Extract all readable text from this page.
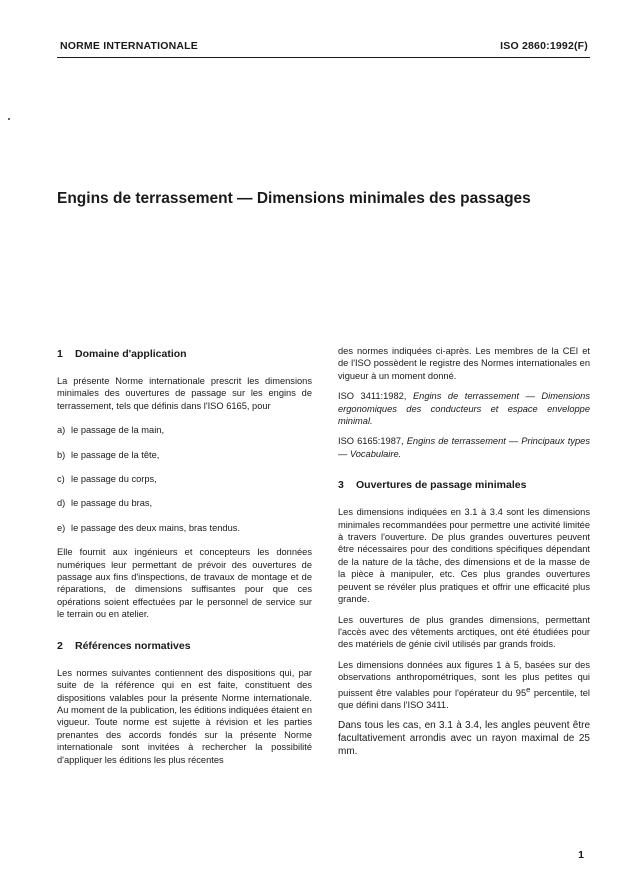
NORME INTERNATIONALE	ISO 2860:1992(F)
Engins de terrassement — Dimensions minimales des passages
1 Domaine d'application

La présente Norme internationale prescrit les dimensions minimales des ouvertures de passage sur les engins de terrassement, tels que définis dans l'ISO 6165, pour

a) le passage de la main,
b) le passage de la tête,
c) le passage du corps,
d) le passage du bras,
e) le passage des deux mains, bras tendus.

Elle fournit aux ingénieurs et concepteurs les données numériques leur permettant de prévoir des ouvertures de passage aux fins d'inspections, de travaux de montage et de réparations, de dimensions suffisantes pour que ces opérations soient effectuées par le personnel de service sur le terrain ou en atelier.

2 Références normatives

Les normes suivantes contiennent des dispositions qui, par suite de la référence qui en est faite, constituent des dispositions valables pour la présente Norme internationale. Au moment de la publication, les éditions indiquées étaient en vigueur. Toute norme est sujette à révision et les parties prenantes des accords fondés sur la présente Norme internationale sont invitées à rechercher la possibilité d'appliquer les éditions les plus récentes

des normes indiquées ci-après. Les membres de la CEI et de l'ISO possèdent le registre des Normes internationales en vigueur à un moment donné.

ISO 3411:1982, Engins de terrassement — Dimensions ergonomiques des conducteurs et espace enveloppe minimal.

ISO 6165:1987, Engins de terrassement — Principaux types — Vocabulaire.

3 Ouvertures de passage minimales

Les dimensions indiquées en 3.1 à 3.4 sont les dimensions minimales recommandées pour permettre une activité limitée à travers l'ouverture. De plus grandes ouvertures peuvent être nécessaires pour des conditions spécifiques dépendant de la nature de la tâche, des dimensions et de la masse de la pièce à manipuler, etc. Ces plus grandes ouvertures peuvent se révéler plus pratiques et offrir une efficacité plus grande.

Les ouvertures de plus grandes dimensions, permettant l'accès avec des vêtements arctiques, ont été étudiées pour des matériels de génie civil utilisés par grands froids.

Les dimensions données aux figures 1 à 5, basées sur des observations anthropométriques, sont les plus petites qui puissent être valables pour l'opérateur du 95e percentile, tel que défini dans l'ISO 3411.

Dans tous les cas, en 3.1 à 3.4, les angles peuvent être facultativement arrondis avec un rayon maximal de 25 mm.

1
